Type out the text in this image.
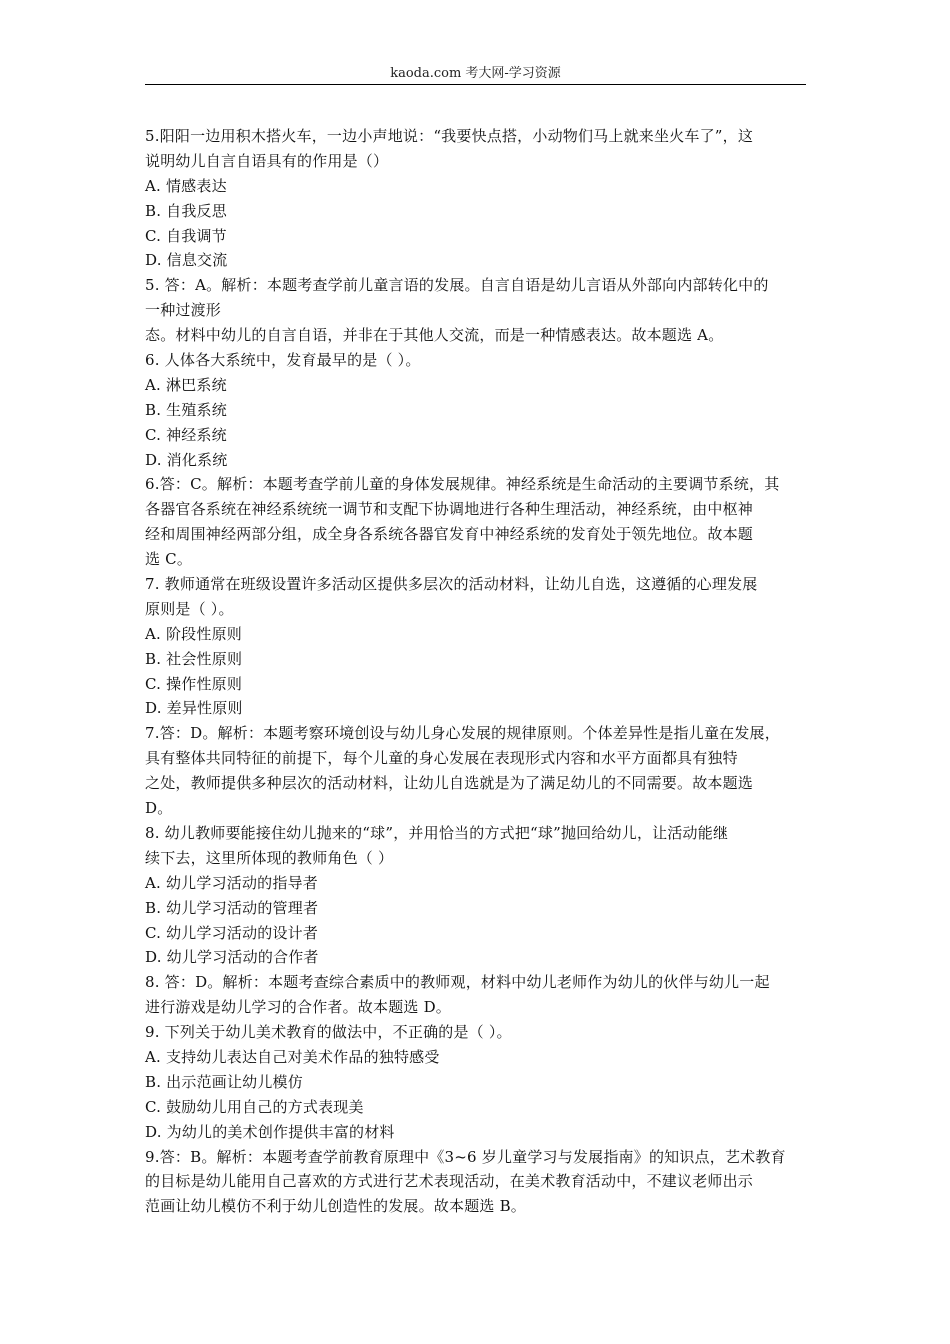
kaoda.com 考大网-学习资源
5.阳阳一边用积木搭火车，一边小声地说：“我要快点搭，小动物们马上就来坐火车了”，这
说明幼儿自言自语具有的作用是（）
A. 情感表达
B. 自我反思
C. 自我调节
D. 信息交流
5. 答：A。解析：本题考查学前儿童言语的发展。自言自语是幼儿言语从外部向内部转化中的
一种过渡形
态。材料中幼儿的自言自语，并非在于其他人交流，而是一种情感表达。故本题选 A。
6. 人体各大系统中，发育最早的是（ ）。
A. 淋巴系统
B. 生殖系统
C. 神经系统
D. 消化系统
6.答：C。解析：本题考查学前儿童的身体发展规律。神经系统是生命活动的主要调节系统，其
各器官各系统在神经系统统一调节和支配下协调地进行各种生理活动，神经系统，由中枢神
经和周围神经两部分组，成全身各系统各器官发育中神经系统的发育处于领先地位。故本题
选 C。
7. 教师通常在班级设置许多活动区提供多层次的活动材料，让幼儿自选，这遵循的心理发展
原则是（ ）。
A. 阶段性原则
B. 社会性原则
C. 操作性原则
D. 差异性原则
7.答：D。解析：本题考察环境创设与幼儿身心发展的规律原则。个体差异性是指儿童在发展，
具有整体共同特征的前提下，每个儿童的身心发展在表现形式内容和水平方面都具有独特
之处，教师提供多种层次的活动材料，让幼儿自选就是为了满足幼儿的不同需要。故本题选
D。
8. 幼儿教师要能接住幼儿抛来的“球”，并用恰当的方式把“球”抛回给幼儿，让活动能继
续下去，这里所体现的教师角色（ ）
A. 幼儿学习活动的指导者
B. 幼儿学习活动的管理者
C. 幼儿学习活动的设计者
D. 幼儿学习活动的合作者
8. 答：D。解析：本题考查综合素质中的教师观，材料中幼儿老师作为幼儿的伙伴与幼儿一起
进行游戏是幼儿学习的合作者。故本题选 D。
9. 下列关于幼儿美术教育的做法中，不正确的是（ ）。
A. 支持幼儿表达自己对美术作品的独特感受
B. 出示范画让幼儿模仿
C. 鼓励幼儿用自己的方式表现美
D. 为幼儿的美术创作提供丰富的材料
9.答：B。解析：本题考查学前教育原理中《3~6 岁儿童学习与发展指南》的知识点，艺术教育
的目标是幼儿能用自己喜欢的方式进行艺术表现活动，在美术教育活动中，不建议老师出示
范画让幼儿模仿不利于幼儿创造性的发展。故本题选 B。
